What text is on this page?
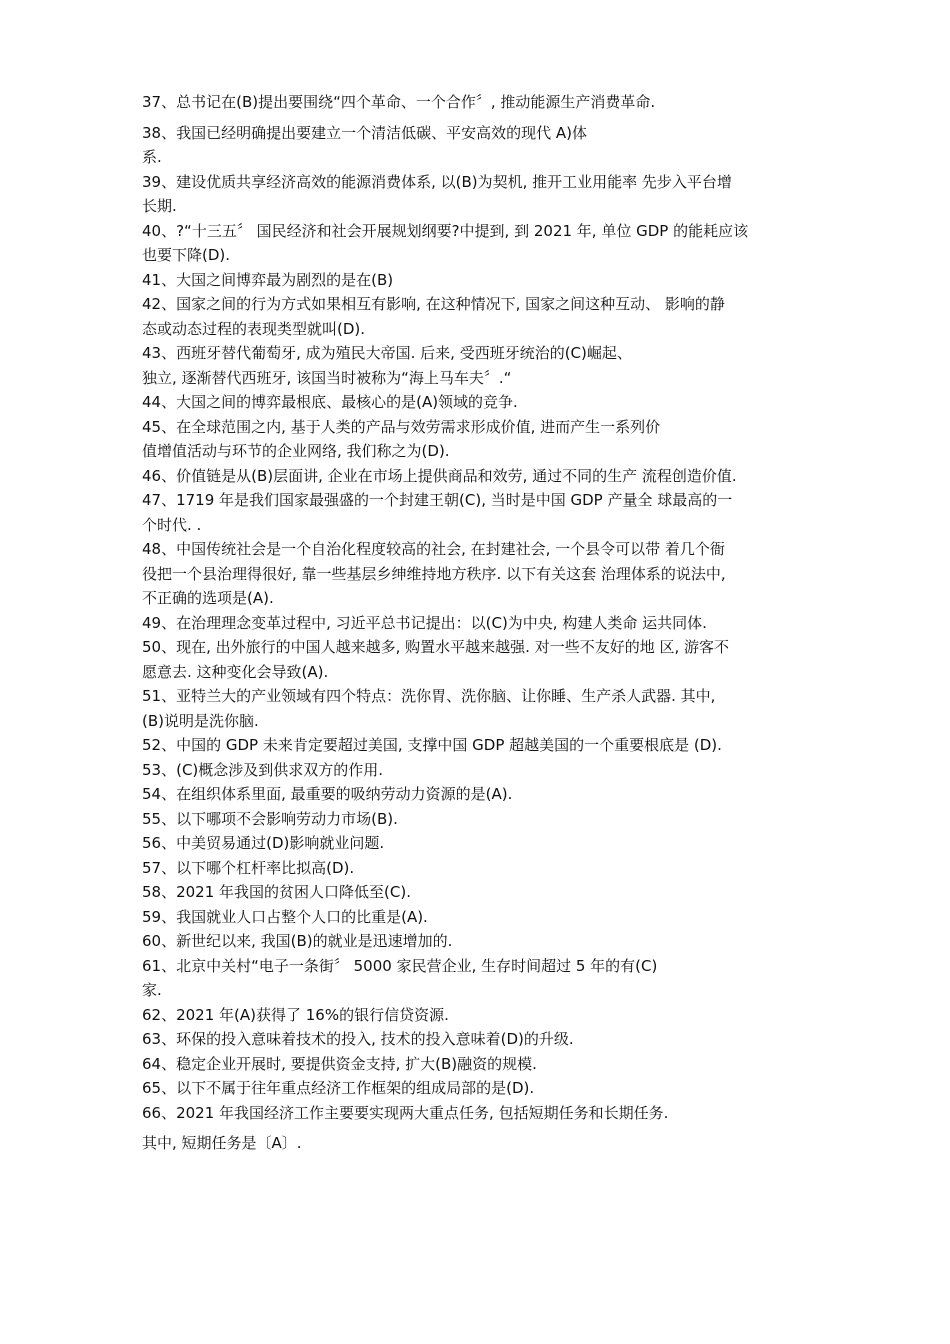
37、总书记在(B)提出要围绕“四个革命、一个合作〞, 推动能源生产消费革命.
38、我国已经明确提出要建立一个清洁低碳、平安高效的现代 A)体
系.
39、建设优质共享经济高效的能源消费体系, 以(B)为契机, 推开工业用能率 先步入平台增
长期.
40、?“十三五〞 国民经济和社会开展规划纲要?中提到, 到 2021 年, 单位 GDP 的能耗应该
也要下降(D).
41、大国之间博弈最为剧烈的是在(B)
42、国家之间的行为方式如果相互有影响, 在这种情况下, 国家之间这种互动、 影响的静
态或动态过程的表现类型就叫(D).
43、西班牙替代葡萄牙, 成为殖民大帝国. 后来, 受西班牙统治的(C)崛起、
独立, 逐渐替代西班牙, 该国当时被称为“海上马车夫〞.“
44、大国之间的博弈最根底、最核心的是(A)领域的竞争.
45、在全球范围之内, 基于人类的产品与效劳需求形成价值, 进而产生一系列价
值增值活动与环节的企业网络, 我们称之为(D).
46、价值链是从(B)层面讲, 企业在市场上提供商品和效劳, 通过不同的生产 流程创造价值.
47、1719 年是我们国家最强盛的一个封建王朝(C), 当时是中国 GDP 产量全 球最高的一
个时代. .
48、中国传统社会是一个自治化程度较高的社会, 在封建社会, 一个县令可以带 着几个衙
役把一个县治理得很好, 靠一些基层乡绅维持地方秩序. 以下有关这套 治理体系的说法中,
不正确的选项是(A).
49、在治理理念变革过程中, 习近平总书记提出：以(C)为中央, 构建人类命 运共同体.
50、现在, 出外旅行的中国人越来越多, 购置水平越来越强. 对一些不友好的地 区, 游客不
愿意去. 这种变化会导致(A).
51、亚特兰大的产业领域有四个特点：洗你胃、洗你脑、让你睡、生产杀人武器. 其中,
(B)说明是洗你脑.
52、中国的 GDP 未来肯定要超过美国, 支撑中国 GDP 超越美国的一个重要根底是 (D).
53、(C)概念涉及到供求双方的作用.
54、在组织体系里面, 最重要的吸纳劳动力资源的是(A).
55、以下哪项不会影响劳动力市场(B).
56、中美贸易通过(D)影响就业问题.
57、以下哪个杠杆率比拟高(D).
58、2021 年我国的贫困人口降低至(C).
59、我国就业人口占整个人口的比重是(A).
60、新世纪以来, 我国(B)的就业是迅速增加的.
61、北京中关村“电子一条街〞 5000 家民营企业, 生存时间超过 5 年的有(C)
家.
62、2021 年(A)获得了 16%的银行信贷资源.
63、环保的投入意味着技术的投入, 技术的投入意味着(D)的升级.
64、稳定企业开展时, 要提供资金支持, 扩大(B)融资的规模.
65、以下不属于往年重点经济工作框架的组成局部的是(D).
66、2021 年我国经济工作主要要实现两大重点任务, 包括短期任务和长期任务.
其中, 短期任务是〔A〕.
